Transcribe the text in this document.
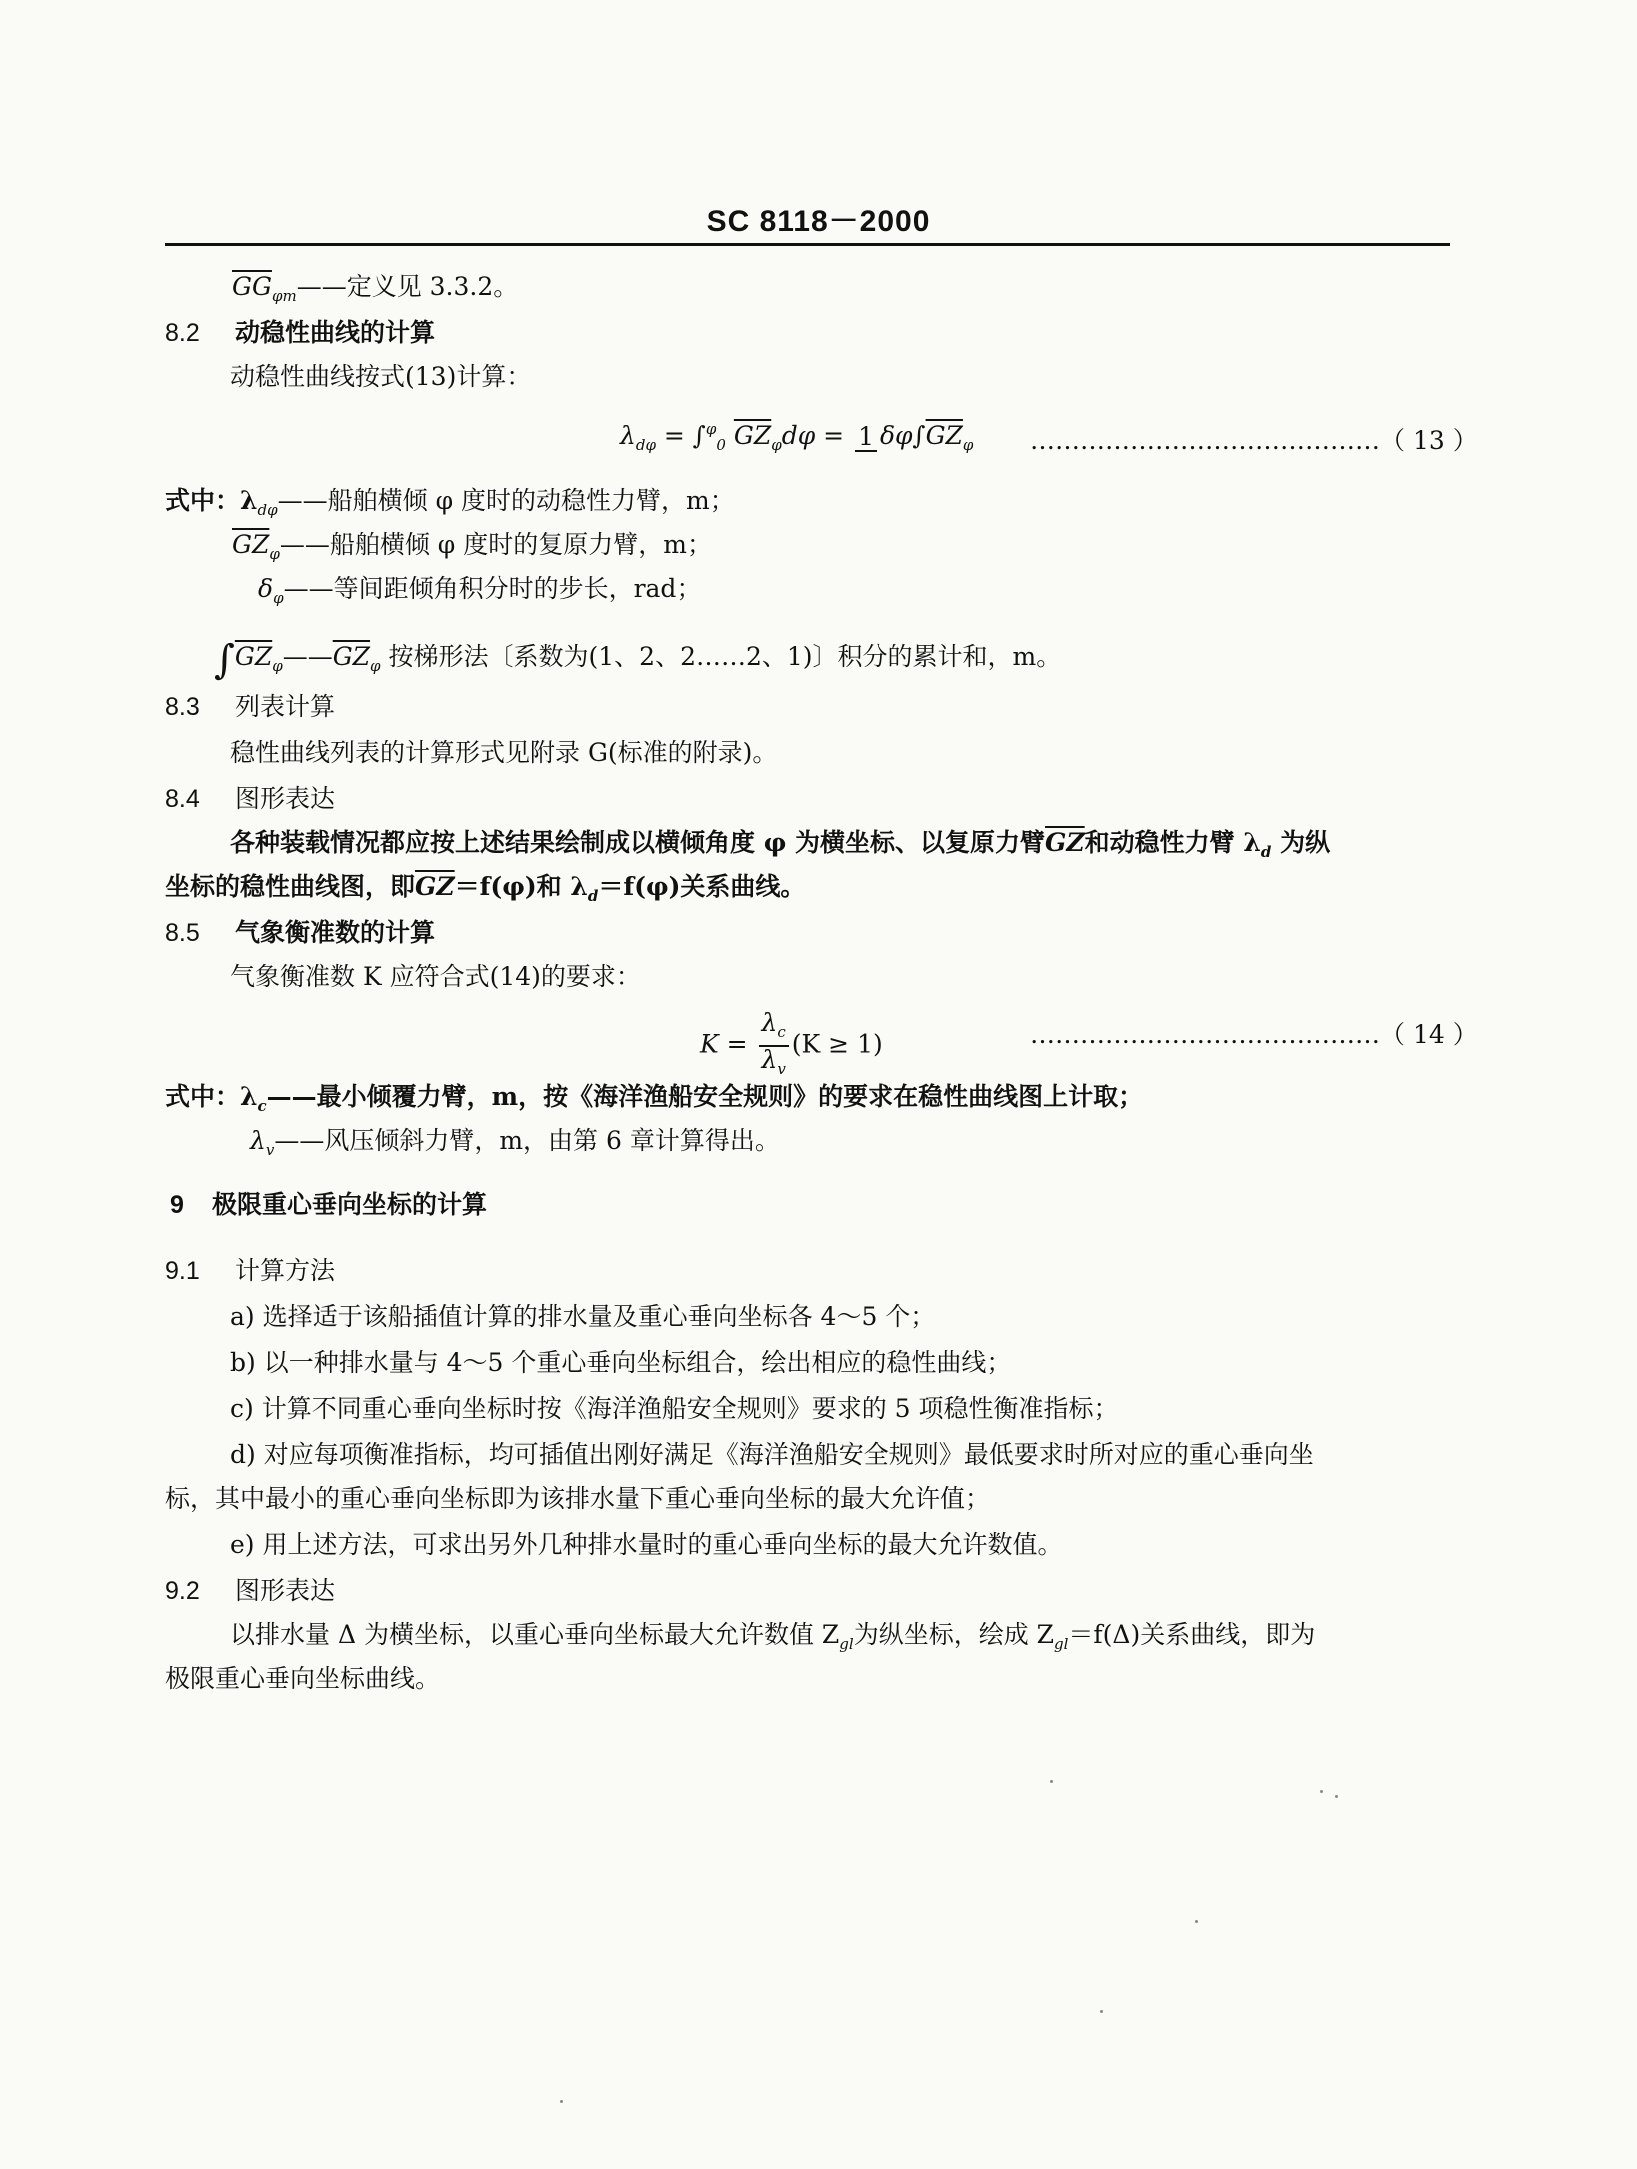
SC 8118－2000
$\overline{GG}_{\varphi m}——$定义见 3.3.2。
8.2 动稳性曲线的计算
动稳性曲线按式(13)计算：
$\lambda_{d\varphi} = \int^\varphi_0$ $\overline{GZ}_\varphi d\varphi = 1$ $\delta\varphi\int\overline{GZ}_\varphi$ ……………………………………（ 13 ）
式中：$\lambda_{d\varphi}——$船舶横倾 φ 度时的动稳性力臂，m；
$\overline{GZ}_\varphi——$船舶横倾 φ 度时的复原力臂，m；
$\delta_\varphi——$等间距倾角积分时的步长，rad；
$\int\overline{GZ}_\varphi——\overline{GZ}_\varphi$ 按梯形法〔系数为(1、2、2……2、1)〕积分的累计和，m。
8.3 列表计算
稳性曲线列表的计算形式见附录 G(标准的附录)。
8.4 图形表达
各种装载情况都应按上述结果绘制成以横倾角度 φ 为横坐标、以复原力臂$\overline{GZ}$和动稳性力臂 $\lambda_d$ 为纵
坐标的稳性曲线图，即$\overline{GZ}=f(\varphi)$和 $\lambda_d=f(\varphi)$关系曲线。
8.5 气象衡准数的计算
气象衡准数 K 应符合式(14)的要求：
$K = \frac{\lambda_c}{\lambda_v} (K \ge 1)$	……………………………………（ 14 ）
式中：$\lambda_c——$最小倾覆力臂，m，按《海洋渔船安全规则》的要求在稳性曲线图上计取；
$\lambda_v——$风压倾斜力臂，m，由第 6 章计算得出。
9 极限重心垂向坐标的计算
9.1 计算方法
a) 选择适于该船插值计算的排水量及重心垂向坐标各 4～5 个；
b) 以一种排水量与 4～5 个重心垂向坐标组合，绘出相应的稳性曲线；
c) 计算不同重心垂向坐标时按《海洋渔船安全规则》要求的 5 项稳性衡准指标；
d) 对应每项衡准指标，均可插值出刚好满足《海洋渔船安全规则》最低要求时所对应的重心垂向坐
标，其中最小的重心垂向坐标即为该排水量下重心垂向坐标的最大允许值；
e) 用上述方法，可求出另外几种排水量时的重心垂向坐标的最大允许数值。
9.2 图形表达
以排水量 Δ 为横坐标，以重心垂向坐标最大允许数值 $Z_{gl}$为纵坐标，绘成 $Z_{gl}=f(\Delta)$关系曲线，即为
极限重心垂向坐标曲线。
